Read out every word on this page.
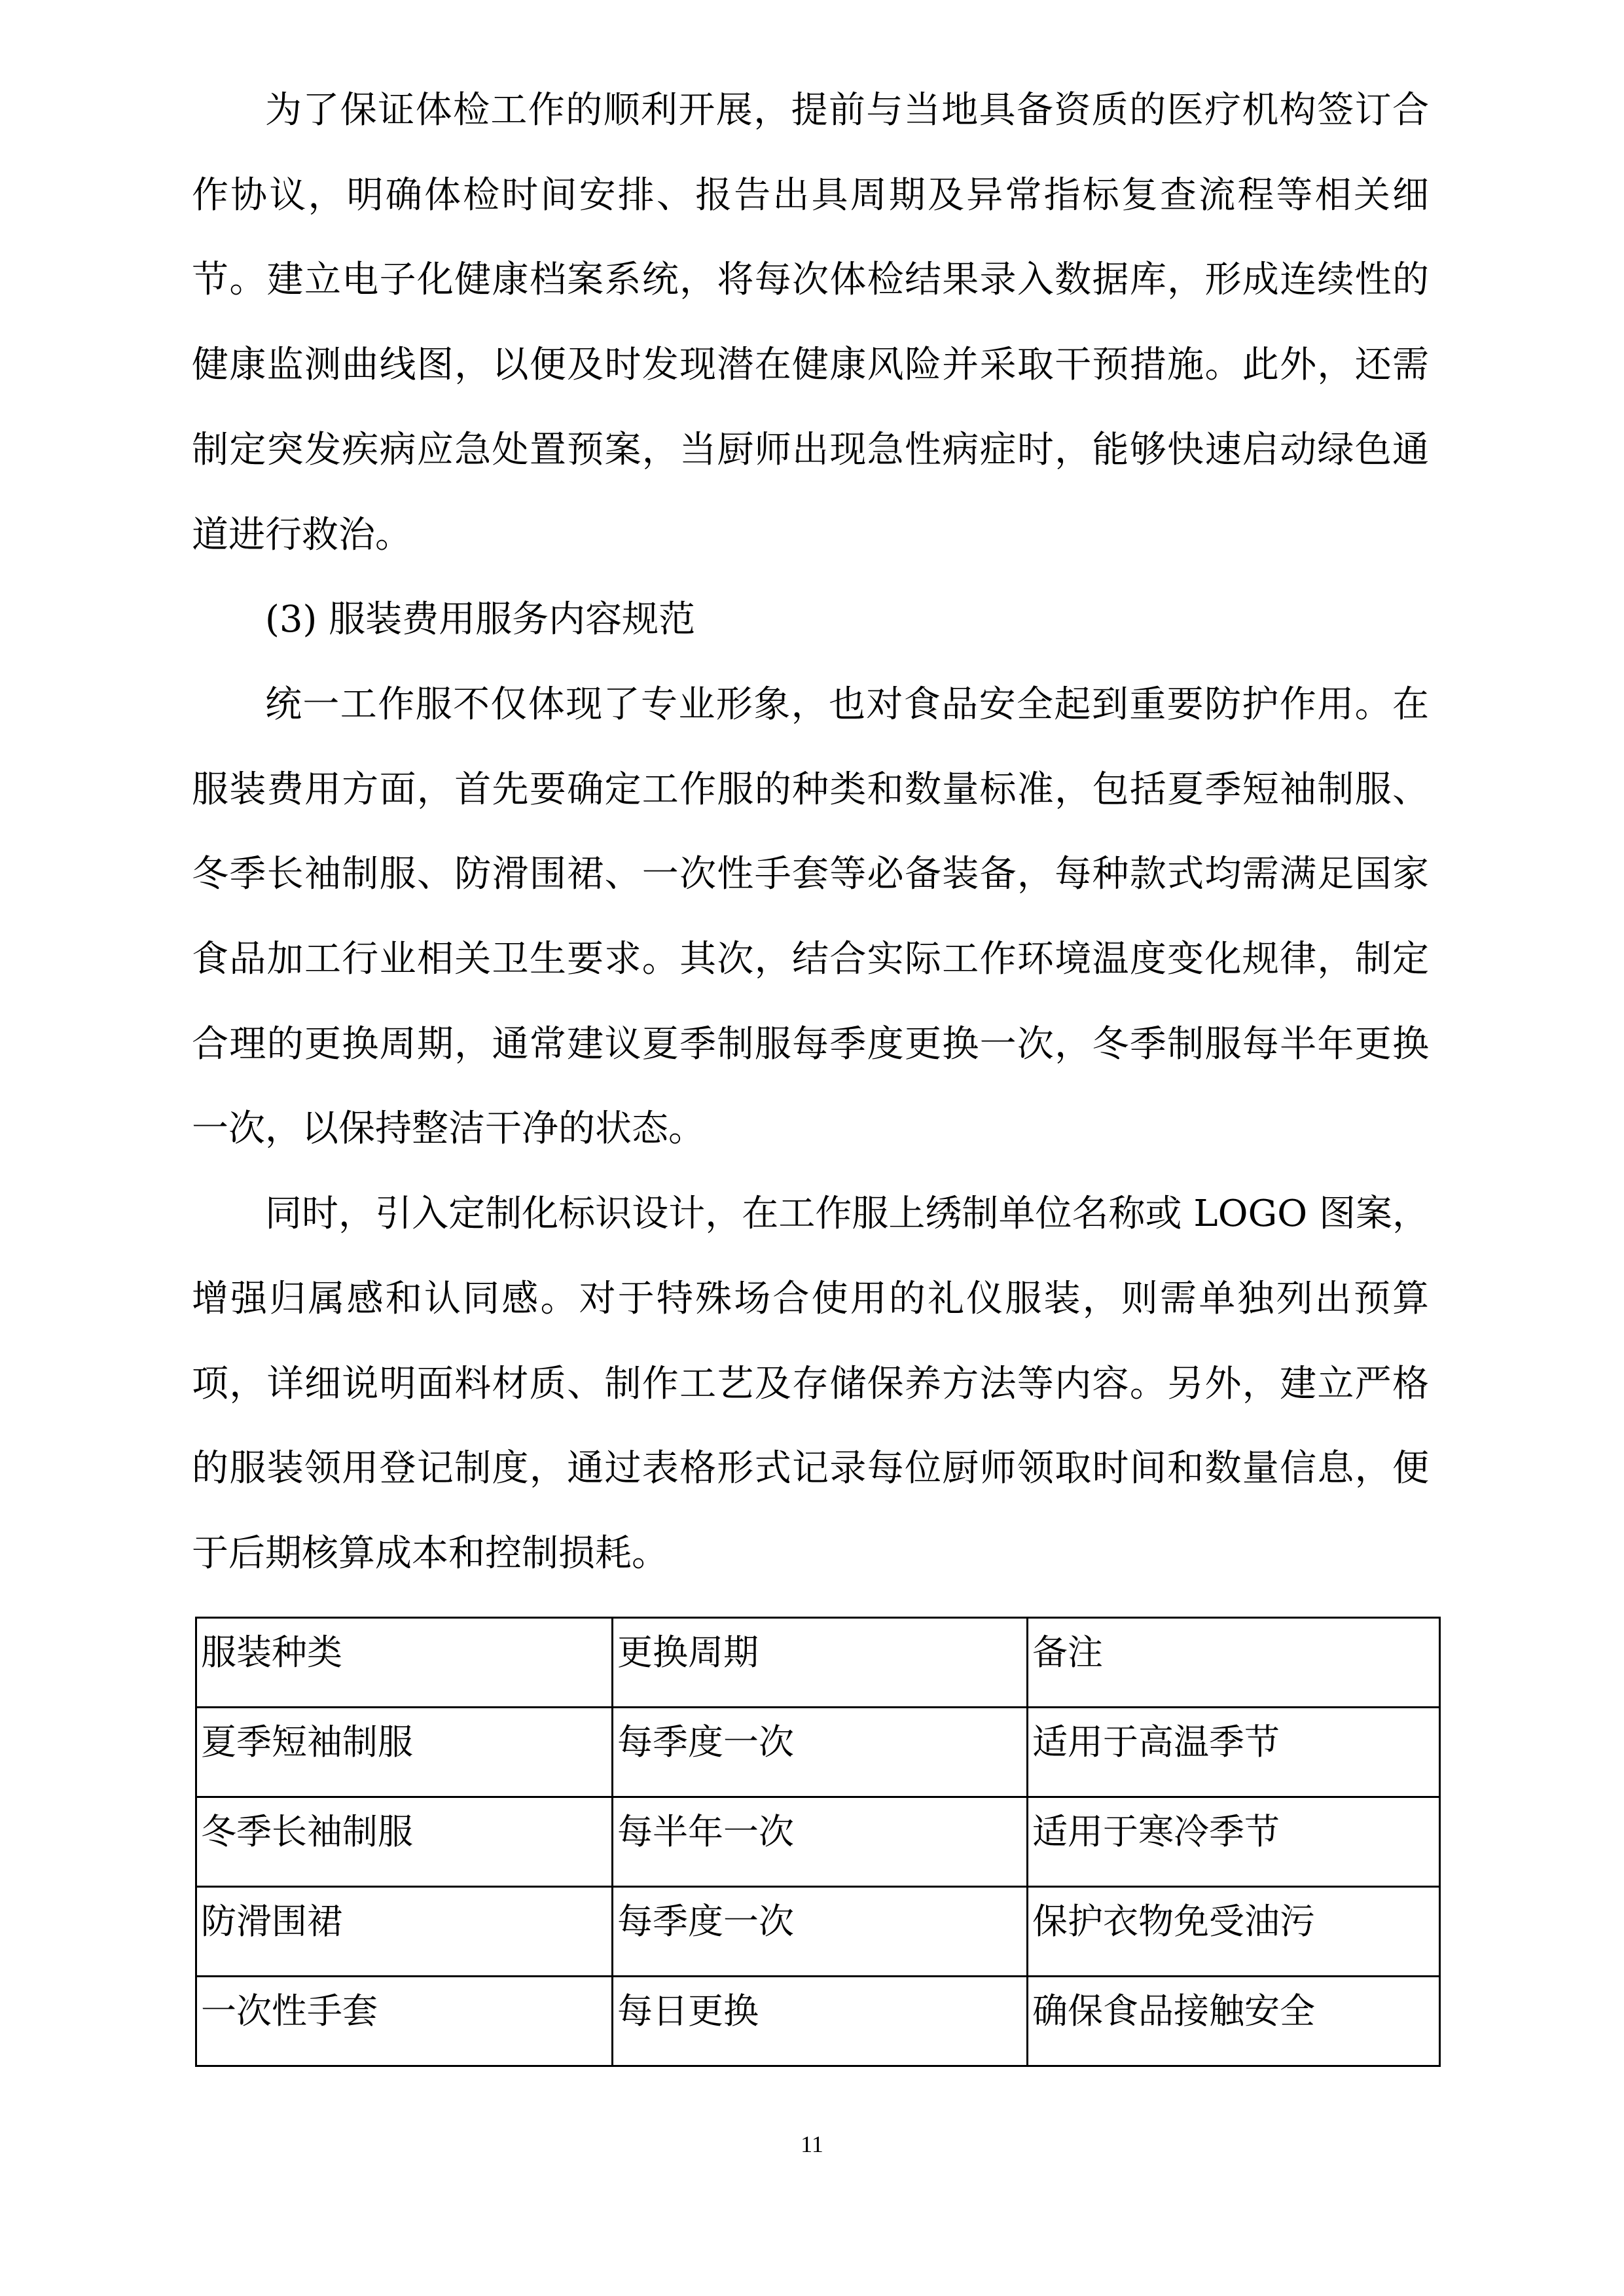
为了保证体检工作的顺利开展，提前与当地具备资质的医疗机构签订合作协议，明确体检时间安排、报告出具周期及异常指标复查流程等相关细节。建立电子化健康档案系统，将每次体检结果录入数据库，形成连续性的健康监测曲线图，以便及时发现潜在健康风险并采取干预措施。此外，还需制定突发疾病应急处置预案，当厨师出现急性病症时，能够快速启动绿色通道进行救治。

(3) 服装费用服务内容规范

统一工作服不仅体现了专业形象，也对食品安全起到重要防护作用。在服装费用方面，首先要确定工作服的种类和数量标准，包括夏季短袖制服、冬季长袖制服、防滑围裙、一次性手套等必备装备，每种款式均需满足国家食品加工行业相关卫生要求。其次，结合实际工作环境温度变化规律，制定合理的更换周期，通常建议夏季制服每季度更换一次，冬季制服每半年更换一次，以保持整洁干净的状态。

同时，引入定制化标识设计，在工作服上绣制单位名称或 LOGO 图案，增强归属感和认同感。对于特殊场合使用的礼仪服装，则需单独列出预算项，详细说明面料材质、制作工艺及存储保养方法等内容。另外，建立严格的服装领用登记制度，通过表格形式记录每位厨师领取时间和数量信息，便于后期核算成本和控制损耗。

服装种类	更换周期	备注
夏季短袖制服	每季度一次	适用于高温季节
冬季长袖制服	每半年一次	适用于寒冷季节
防滑围裙	每季度一次	保护衣物免受油污
一次性手套	每日更换	确保食品接触安全
11
